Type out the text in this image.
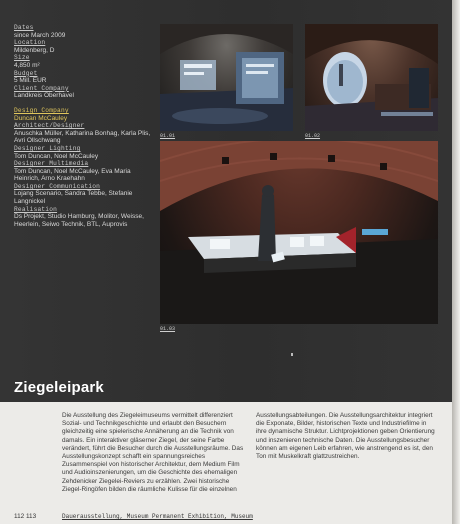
Dates
since March 2009
Location
Mildenberg, D
Size
4,850 m²
Budget
5 Mill. EUR
Client Company
Landkreis Oberhavel
Design Company
Duncan McCauley
Architect/Designer
Anuschka Müller, Katharina Bonhag, Karla Plis, Avri Ollschwang
Designer Lighting
Tom Duncan, Noel McCauley
Designer Multimedia
Tom Duncan, Noel McCauley, Eva Maria Heinrich, Arno Kraehahn
Designer Communication
Lojang Scenario, Sandra Tebbe, Stefanie Langnickel
Realisation
Ds Projekt, Studio Hamburg, Molitor, Weisse, Heerlein, Seiwo Technik, BTL, Auprovis
01.01	01.02
01.03
Ziegeleipark
Die Ausstellung des Ziegeleimuseums vermittelt differenziert Sozial- und Technikgeschichte und erlaubt den Besuchern gleichzeitig eine spielerische Annäherung an die Technik von damals. Ein interaktiver gläserner Ziegel, der seine Farbe verändert, führt die Besucher durch die Ausstellungsräume. Das Ausstellungskonzept schafft ein spannungsreiches Zusammenspiel von historischer Architektur, dem Medium Film und Audioinszenierungen, um die Geschichte des ehemaligen Zehdenicker Ziegelei-Reviers zu erzählen. Zwei historische Ziegel-Ringöfen bilden die räumliche Kulisse für die einzelnen
Ausstellungsabteilungen. Die Ausstellungsarchitektur integriert die Exponate, Bilder, historischen Texte und Industriefilme in ihre dynamische Struktur. Lichtprojektionen geben Orientierung und inszenieren technische Daten. Die Ausstellungsbesucher können am eigenen Leib erfahren, wie anstrengend es ist, den Ton mit Muskelkraft glattzustreichen.
112 113	Dauerausstellung, Museum Permanent Exhibition, Museum
